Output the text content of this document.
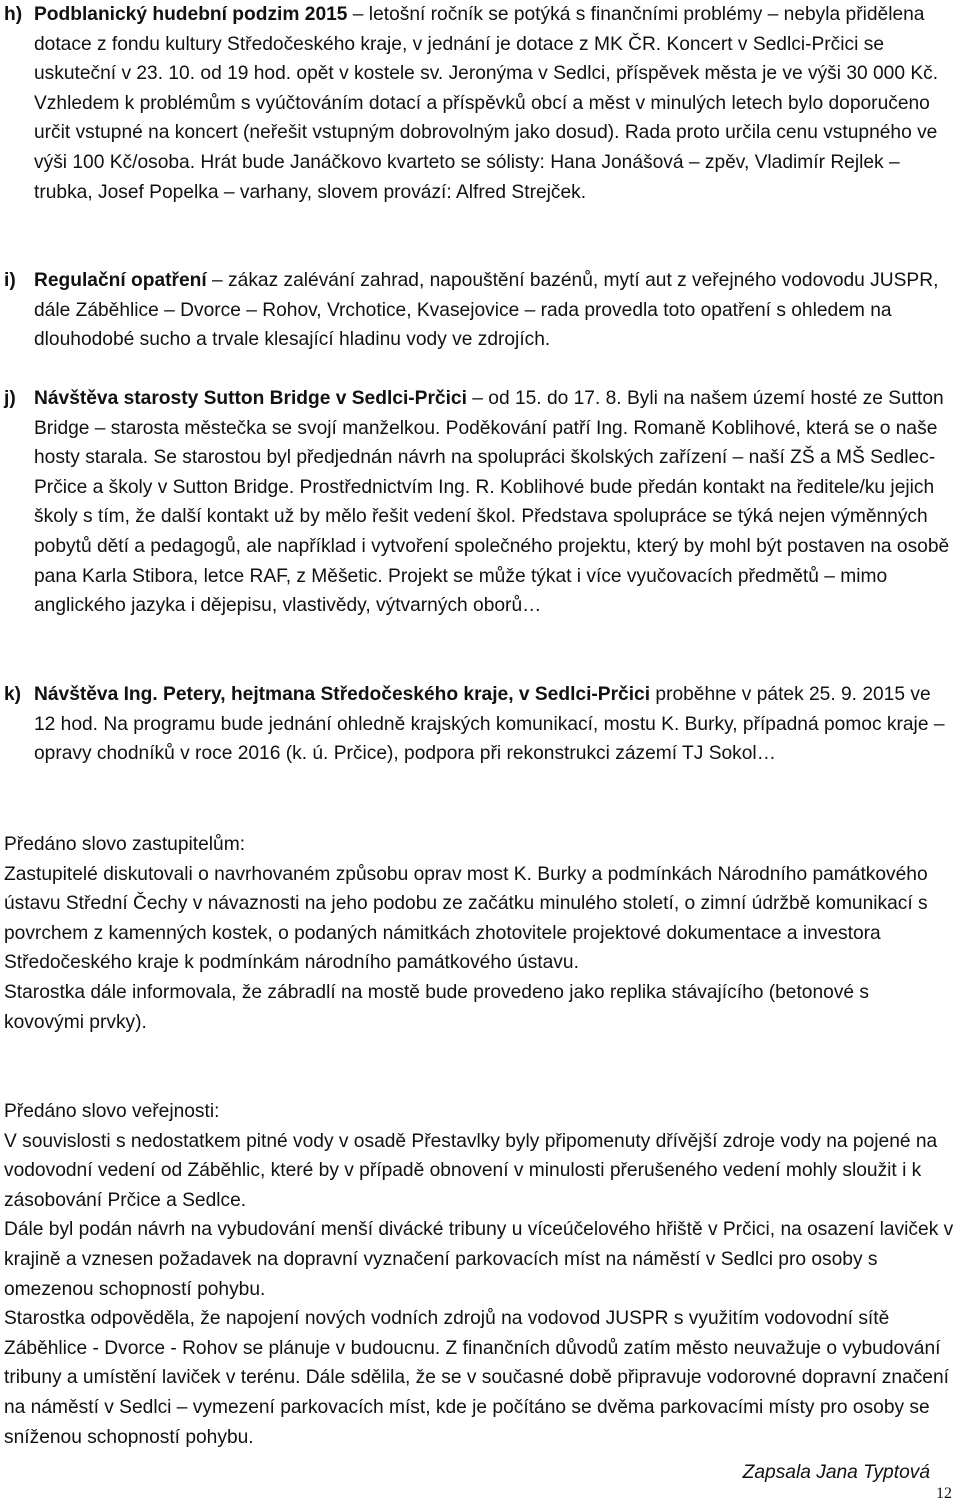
h) Podblanický hudební podzim 2015 – letošní ročník se potýká s finančními problémy – nebyla přidělena dotace z fondu kultury Středočeského kraje, v jednání je dotace z MK ČR. Koncert v Sedlci-Prčici se uskuteční v 23. 10. od 19 hod. opět v kostele sv. Jeronýma v Sedlci, příspěvek města je ve výši 30 000 Kč. Vzhledem k problémům s vyúčtováním dotací a příspěvků obcí a měst v minulých letech bylo doporučeno určit vstupné na koncert (neřešit vstupným dobrovolným jako dosud). Rada proto určila cenu vstupného ve výši 100 Kč/osoba. Hrát bude Janáčkovo kvarteto se sólisty: Hana Jonášová – zpěv, Vladimír Rejlek – trubka, Josef Popelka – varhany, slovem provází: Alfred Strejček.
i) Regulační opatření – zákaz zalévání zahrad, napouštění bazénů, mytí aut z veřejného vodovodu JUSPR, dále Záběhlice – Dvorce – Rohov, Vrchotice, Kvasejovice – rada provedla toto opatření s ohledem na dlouhodobé sucho a trvale klesající hladinu vody ve zdrojích.
j) Návštěva starosty Sutton Bridge v Sedlci-Prčici – od 15. do 17. 8. Byli na našem území hosté ze Sutton Bridge – starosta městečka se svojí manželkou. Poděkování patří Ing. Romaně Koblihové, která se o naše hosty starala. Se starostou byl předjednán návrh na spolupráci školských zařízení – naší ZŠ a MŠ Sedlec-Prčice a školy v Sutton Bridge. Prostřednictvím Ing. R. Koblihové bude předán kontakt na ředitele/ku jejich školy s tím, že další kontakt už by mělo řešit vedení škol. Představa spolupráce se týká nejen výměnných pobytů dětí a pedagogů, ale například i vytvoření společného projektu, který by mohl být postaven na osobě pana Karla Stibora, letce RAF, z Měšetic. Projekt se může týkat i více vyučovacích předmětů – mimo anglického jazyka i dějepisu, vlastivědy, výtvarných oborů…
k) Návštěva Ing. Petery, hejtmana Středočeského kraje, v Sedlci-Prčici proběhne v pátek 25. 9. 2015 ve 12 hod. Na programu bude jednání ohledně krajských komunikací, mostu K. Burky, případná pomoc kraje – opravy chodníků v roce 2016 (k. ú. Prčice), podpora při rekonstrukci zázemí TJ Sokol…

Předáno slovo zastupitelům:

Zastupitelé diskutovali o navrhovaném způsobu oprav most K. Burky a podmínkách Národního památkového ústavu Střední Čechy v návaznosti na jeho podobu ze začátku minulého století, o zimní údržbě komunikací s povrchem z kamenných kostek, o podaných námitkách zhotovitele projektové dokumentace a investora Středočeského kraje k podmínkám národního památkového ústavu.

Starostka dále informovala, že zábradlí na mostě bude provedeno jako replika stávajícího (betonové s kovovými prvky).

Předáno slovo veřejnosti:

V souvislosti s nedostatkem pitné vody v osadě Přestavlky byly připomenuty dřívější zdroje vody na pojené na vodovodní vedení od Záběhlic, které by v případě obnovení v minulosti přerušeného vedení mohly sloužit i k zásobování Prčice a Sedlce.

Dále byl podán návrh na vybudování menší divácké tribuny u víceúčelového hřiště v Prčici, na osazení laviček v krajině a vznesen požadavek na dopravní vyznačení parkovacích míst na náměstí v Sedlci pro osoby s omezenou schopností pohybu.

Starostka odpověděla, že napojení nových vodních zdrojů na vodovod JUSPR s využitím vodovodní sítě Záběhlice - Dvorce - Rohov se plánuje v budoucnu. Z finančních důvodů zatím město neuvažuje o vybudování tribuny a umístění laviček v terénu. Dále sdělila, že se v současné době připravuje vodorovné dopravní značení na náměstí v Sedlci – vymezení parkovacích míst, kde je počítáno se dvěma parkovacími místy pro osoby se sníženou schopností pohybu.

Zapsala Jana Typtová
12
